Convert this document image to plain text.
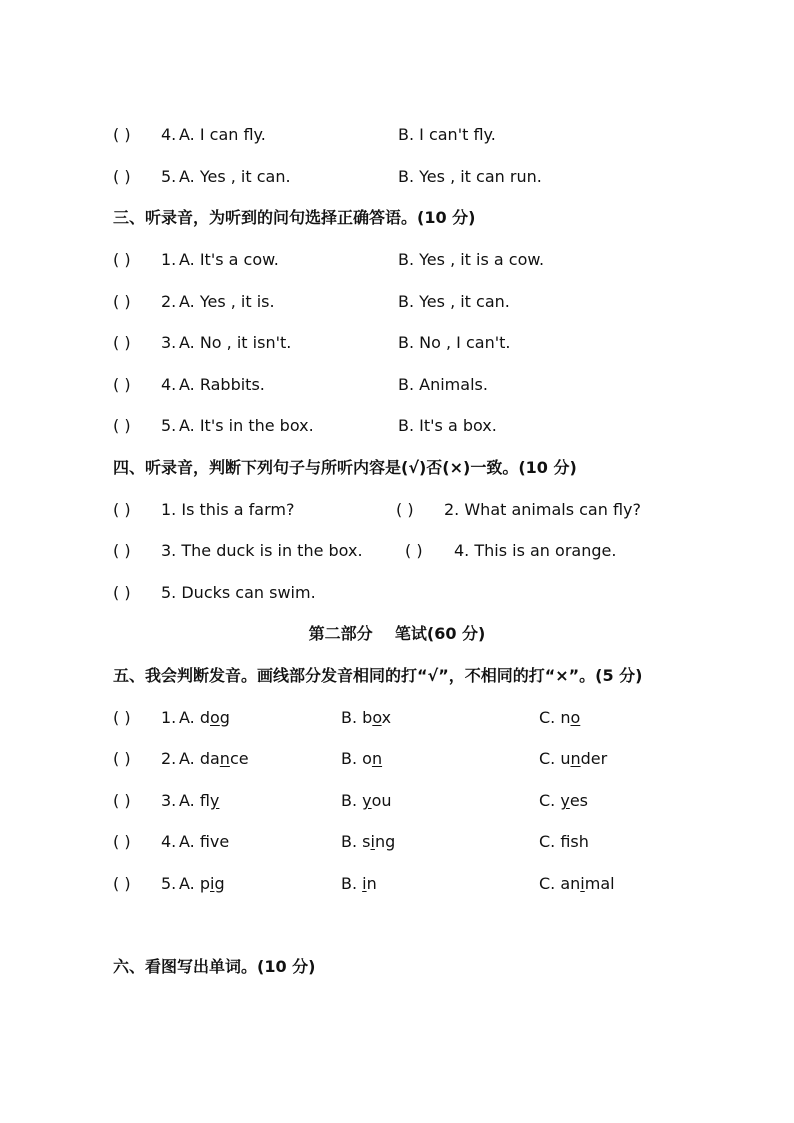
( ) 4. A. I can fly.	B. I can't fly.
( ) 5. A. Yes , it can.	B. Yes , it can run.
三、听录音，为听到的问句选择正确答语。(10 分)
( ) 1. A. It's a cow.	B. Yes , it is a cow.
( ) 2. A. Yes , it is.	B. Yes , it can.
( ) 3. A. No , it isn't.	B. No , I can't.
( ) 4. A. Rabbits.	B. Animals.
( ) 5. A. It's in the box.	B. It's a box.
四、听录音，判断下列句子与所听内容是(√)否(×)一致。(10 分)
( ) 1. Is this a farm?	( ) 2. What animals can fly?
( ) 3. The duck is in the box.	( ) 4. This is an orange.
( ) 5. Ducks can swim.
第二部分    笔试(60 分)
五、我会判断发音。画线部分发音相同的打“√”，不相同的打“×”。(5 分)
( ) 1. A. dog	B. box	C. no
( ) 2. A. dance	B. on	C. under
( ) 3. A. fly	B. you	C. yes
( ) 4. A. fve	B. sing	C. fsh
( ) 5. A. pig	B. in	C. animal
六、看图写出单词。(10 分)
